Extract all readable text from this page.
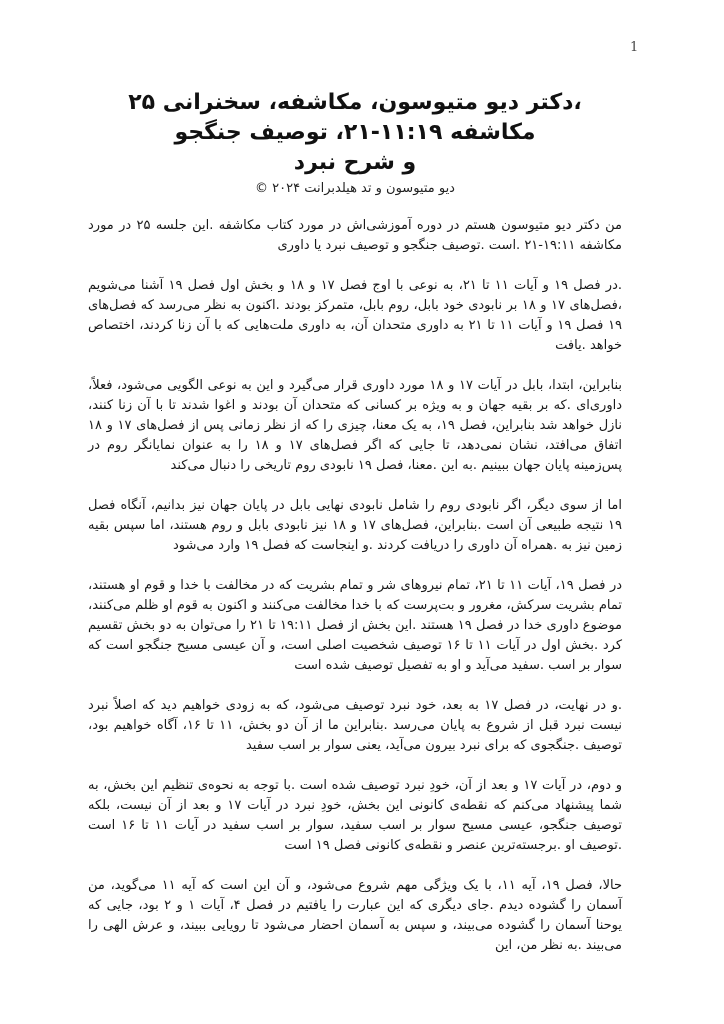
1
،دکتر دیو متیوسون، مکاشفه، سخنرانی ۲۵
مکاشفه ۱۱:۱۹-۲۱، توصیف جنگجو
و شرح نبرد
دیو متیوسون و تد هیلدبرانت ۲۰۲۴ ©

من دکتر دیو متیوسون هستم در دوره آموزشی‌اش در مورد کتاب مکاشفه .این جلسه ۲۵ در مورد مکاشفه ۱۹:۱۱-۲۱ .است .توصیف جنگجو و توصیف نبرد یا داوری

.در فصل ۱۹ و آیات ۱۱ تا ۲۱، به نوعی با اوج فصل ۱۷ و ۱۸ و بخش اول فصل ۱۹ آشنا می‌شویم ،فصل‌های ۱۷ و ۱۸ بر نابودی خود بابل، روم بابل، متمرکز بودند .اکنون به نظر می‌رسد که فصل‌های ۱۹ فصل ۱۹ و آیات ۱۱ تا ۲۱ به داوری متحدان آن، به داوری ملت‌هایی که با آن زنا کردند، اختصاص خواهد .یافت

بنابراین، ابتدا، بابل در آیات ۱۷ و ۱۸ مورد داوری قرار می‌گیرد و این به نوعی الگویی می‌شود، فعلاً، داوری‌ای .که بر بقیه جهان و به ویژه بر کسانی که متحدان آن بودند و اغوا شدند تا با آن زنا کنند، نازل خواهد شد بنابراین، فصل ۱۹، به یک معنا، چیزی را که از نظر زمانی پس از فصل‌های ۱۷ و ۱۸ اتفاق می‌افتد، نشان نمی‌دهد، تا جایی که اگر فصل‌های ۱۷ و ۱۸ را به عنوان نمایانگر روم در پس‌زمینه پایان جهان ببینیم .به این .معنا، فصل ۱۹ نابودی روم تاریخی را دنبال می‌کند

اما از سوی دیگر، اگر نابودی روم را شامل نابودی نهایی بابل در پایان جهان نیز بدانیم، آنگاه فصل ۱۹ نتیجه طبیعی آن است .بنابراین، فصل‌های ۱۷ و ۱۸ نیز نابودی بابل و روم هستند، اما سپس بقیه زمین نیز به .همراه آن داوری را دریافت کردند .و اینجاست که فصل ۱۹ وارد می‌شود

در فصل ۱۹، آیات ۱۱ تا ۲۱، تمام نیروهای شر و تمام بشریت که در مخالفت با خدا و قوم او هستند، تمام بشریت سرکش، مغرور و بت‌پرست که با خدا مخالفت می‌کنند و اکنون به قوم او ظلم می‌کنند، موضوع داوری خدا در فصل ۱۹ هستند .این بخش از فصل ۱۹:۱۱ تا ۲۱ را می‌توان به دو بخش تقسیم کرد .بخش اول در آیات ۱۱ تا ۱۶ توصیف شخصیت اصلی است، و آن عیسی مسیح جنگجو است که سوار بر اسب .سفید می‌آید و او به تفصیل توصیف شده است

.و در نهایت، در فصل ۱۷ به بعد، خود نبرد توصیف می‌شود، که به زودی خواهیم دید که اصلاً نبرد نیست نبرد قبل از شروع به پایان می‌رسد .بنابراین ما از آن دو بخش، ۱۱ تا ۱۶، آگاه خواهیم بود، توصیف .جنگجوی که برای نبرد بیرون می‌آید، یعنی سوار بر اسب سفید

و دوم، در آیات ۱۷ و بعد از آن، خودِ نبرد توصیف شده است .با توجه به نحوه‌ی تنظیم این بخش، به شما پیشنهاد می‌کنم که نقطه‌ی کانونی این بخش، خودِ نبرد در آیات ۱۷ و بعد از آن نیست، بلکه توصیف جنگجو، عیسی مسیح سوار بر اسب سفید، سوار بر اسب سفید در آیات ۱۱ تا ۱۶ است .توصیف او .برجسته‌ترین عنصر و نقطه‌ی کانونی فصل ۱۹ است

حالا، فصل ۱۹، آیه ۱۱، با یک ویژگی مهم شروع می‌شود، و آن این است که آیه ۱۱ می‌گوید، من آسمان را گشوده دیدم .جای دیگری که این عبارت را یافتیم در فصل ۴، آیات ۱ و ۲ بود، جایی که یوحنا آسمان را گشوده می‌بیند، و سپس به آسمان احضار می‌شود تا رویایی ببیند، و عرش الهی را می‌بیند .به نظر من، این
